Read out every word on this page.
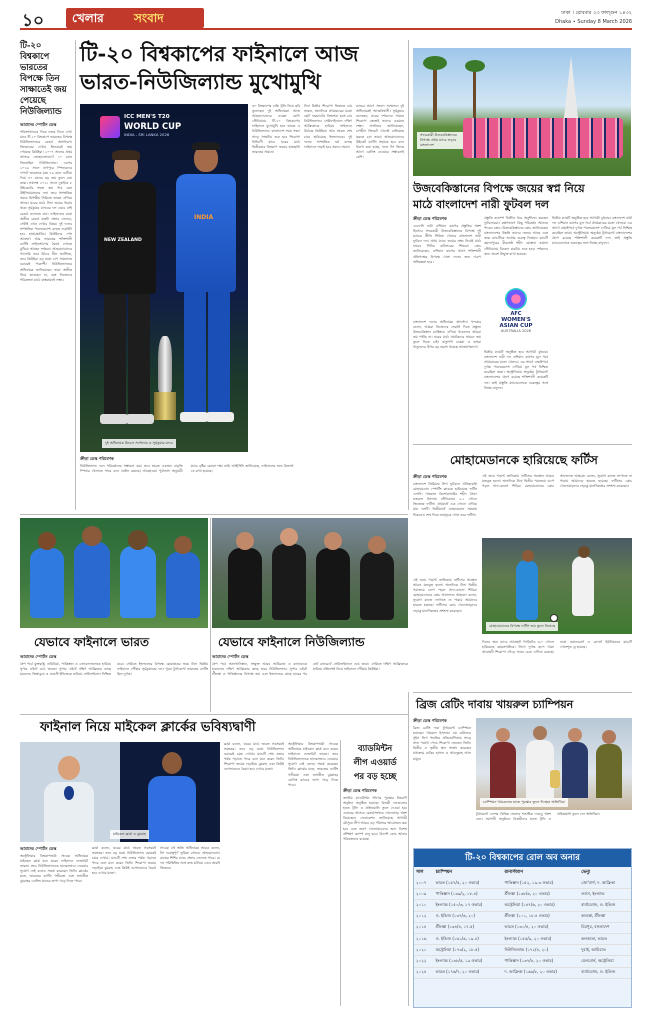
১০ খেলার	সংবাদ	ঢাকা । রোববার ২৩ ফাল্গুন ১৪৩২
Dhaka ∙ Sunday 8 March 2026
টি-২০ বিশ্বকাপে ভারতের বিপক্ষে তিন সাক্ষাতেই জয় পেয়েছে নিউজিল্যান্ড
আমাদের স্পোর্টস ডেস্ক
পরিসংখ্যানের দিকে নজর দিলে দেখা যাবে টি-২০ বিশ্বকাপে ভারতের বিপক্ষে নিউজিল্যান্ডের রেকর্ড অসাধারণ। তিনবারের দেখায় তিনবারই জয় পেয়েছে কিউইরা। ২০০৭ সালের প্রথম আসরে জোহানেসবার্গে ১০ রানে জিতেছিল নিউজিল্যান্ড। এরপর ২০১৬ সালে নাগপুরে স্পিনারদের দাপটে ভারতকে মাত্র ৭৯ রানে গুটিয়ে দিয়ে ৪৭ রানের বড় জয় তুলে নেয় তারা। সর্বশেষ ২০২১ সালে দুবাইয়ে ৮ উইকেটের সহজ জয় পায় কেন উইলিয়ামসনের দল। তবে সাম্প্রতিক সময়ে দ্বিপক্ষীয় সিরিজে ভারত এগিয়ে আছে। ঘরের মাঠে টানা জয়ের ধারায় থাকা সূর্যকুমার যাদবের দল এবার সেই রেকর্ড বদলাতে চায়। ফাইনালের মঞ্চে অতীত রেকর্ড কতটা প্রভাব ফেলবে, সেটাই এখন দেখার বিষয়। দুই দলের সাম্প্রতিক পারফরম্যান্স বলছে লড়াইটা হবে হাড্ডাহাড্ডি। কিউইদের পেস আক্রমণ আর ভারতের শক্তিশালী ব্যাটিং লাইনআপের দ্বৈরথ দেখতে মুখিয়ে আছেন দর্শকরা। আহমেদাবাদের গ্যালারি ভরে উঠবে নীল জার্সিতে, তবে কিউইরা বড় মঞ্চে চাপ সামলাতে বরাবরই পারদর্শী। নিউজিল্যান্ডের অধিনায়ক জানিয়েছেন তারা অতীত নিয়ে ভাবছেন না, বরং নিজেদের পরিকল্পনা মাঠে বাস্তবায়নই লক্ষ্য।
টি-২০ বিশ্বকাপের ফাইনালে আজ
ভারত-নিউজিল্যান্ড মুখোমুখি
ICC MEN'S T20
WORLD CUP
INDIA - SRI LANKA 2026
NEW ZEALAND
INDIA
দুই অধিনায়ক মিচেল স্যান্টনার ও সূর্যকুমার যাদব
৩০ বিশ্বকাপের বাকি ট্রফি নিয়ে ছবি তুলেছেন দুই অধিনায়ক। আজ আহমেদাবাদের নরেন্দ্র মোদি স্টেডিয়ামে টি-২০ বিশ্বকাপের ফাইনালে মুখোমুখি হবে ভারত ও নিউজিল্যান্ড। বাংলাদেশ সময় সন্ধ্যা সাড়ে সাতটায় শুরু হবে শিরোপা নির্ধারণী ম্যাচ। ঘরের মাঠে দ্বিতীয়বার বিশ্বকাপ জয়ের হাতছানি ভারতের সামনে।
টানা দ্বিতীয় শিরোপা জিততে চায় ভারত, অন্যদিকে প্রথমবারের মতো ছোট ফরম্যাটের বিশ্বসেরা হতে চায় নিউজিল্যান্ড। সেমিফাইনালে দক্ষিণ আফ্রিকাকে হারিয়ে ফাইনালে উঠেছে কিউইরা। আর ভারত শেষ চারে হারিয়েছে ইংল্যান্ডকে। দুই দলের সাম্প্রতিক ফর্ম বলছে ফাইনালে লড়াই হবে সমানে সমান।
ম্যাচের আগে সংবাদ সম্মেলনে দুই অধিনায়কই আত্মবিশ্বাসী। সূর্যকুমার বলেছেন, ঘরের দর্শকদের সামনে শিরোপা জেতাই তাদের একমাত্র লক্ষ্য। স্যান্টনার জানিয়েছেন, চাপহীন ক্রিকেট খেলেই বাজিমাত করতে চান তারা। আহমেদাবাদের উইকেট ব্যাটিং সহায়ক হবে বলে ধারণা করা হচ্ছে, ফলে টস জিতে আগে বোলিং নেওয়ার সম্ভাবনাই বেশি।
ক্রীড়া ডেস্ক পরিবেশক
নিউজিল্যান্ড দলে পরিবর্তনের সম্ভাবনা কম। তবে ভারত একজন বাড়তি স্পিনার খেলাতে পারে বলে গুঞ্জন রয়েছে। আবহাওয়া পূর্বাভাস অনুযায়ী ম্যাচে বৃষ্টির কোনো শঙ্কা নেই। আইসিসি জানিয়েছে, ফাইনালের জন্য রিজার্ভ ডে রাখা হয়েছে।
সফরকারী উজবেকিস্তানের বিপক্ষে প্রথম ম্যাচে লড়বে বাংলাদেশ
উজবেকিস্তানের বিপক্ষে জয়ের স্বপ্ন নিয়ে
মাঠে বাংলাদেশ নারী ফুটবল দল
ক্রীড়া ডেস্ক পরিবেশক
এএফসি নারী এশিয়ান কাপের প্রস্তুতির অংশ হিসেবে সফরকারী উজবেকিস্তানের বিপক্ষে দুই ম্যাচের প্রীতি সিরিজ খেলবে বাংলাদেশ নারী ফুটবল দল। প্রথম ম্যাচে জয়ের লক্ষ্য নিয়েই মাঠে নামবে পিটার বাটলারের শিষ্যরা। কোচ জানিয়েছেন, এশিয়ান কাপের আগে শক্তিশালী প্রতিপক্ষের বিপক্ষে খেলা দলের জন্য দারুণ অভিজ্ঞতা হবে।
বাংলাদেশ দলের অধিনায়ক আফঈদা খন্দকার বলেন, আমরা নিজেদের সেরাটা দিতে প্রস্তুত। উজবেকিস্তান র‌্যাঙ্কিংয়ে এগিয়ে থাকলেও আমরা ভয় পাচ্ছি না। ঘরের মাঠে সমর্থকদের সামনে জয় তুলে নিতে চাই। ঋতুপর্ণা চাকমা ও তহুরা খাতুনদের উপর বড় ভরসা থাকছে আক্রমণভাগে।
AFC
WOMEN'S
ASIAN CUP
AUSTRALIA 2026
প্রস্তুতি ক্যাম্পে দীর্ঘদিন ধরে অনুশীলন করছেন ফুটবলাররা। রক্ষণভাগে কিছু পরিবর্তন আনতে পারেন কোচ। উজবেকিস্তানের কোচ জানিয়েছেন বাংলাদেশের উন্নতি তাদের নজরে আছে এবং তারা ম্যাচটিকে সর্বোচ্চ গুরুত্ব দিচ্ছেন। ম্যাচটি কমলাপুরের বীরশ্রেষ্ঠ শহীদ মোস্তফা কামাল স্টেডিয়ামে বিকেল চারটায় শুরু হবে। দর্শকদের জন্য প্রবেশ উন্মুক্ত রাখা হয়েছে।
দ্বিতীয় ম্যাচটি অনুষ্ঠিত হবে আগামী বুধবার। বাংলাদেশ নারী দল এশিয়ান কাপের মূল পর্বে প্রথমবারের মতো খেলবে। এর আগে বাছাইপর্বে দুর্দান্ত পারফরম্যান্স দেখিয়ে মূল পর্ব নিশ্চিত করেছিল তারা। অস্ট্রেলিয়ায় অনুষ্ঠেয় টুর্নামেন্টে বাংলাদেশের গ্রুপে রয়েছে শক্তিশালী কয়েকটি দল। তাই প্রস্তুতি ম্যাচগুলোকে গুরুত্বের সঙ্গে নিচ্ছে বাফুফে।
দ্বিতীয় ম্যাচটি অনুষ্ঠিত হবে আগামী বুধবার। বাংলাদেশ নারী দল এশিয়ান কাপের মূল পর্বে প্রথমবারের মতো খেলবে। এর আগে বাছাইপর্বে দুর্দান্ত পারফরম্যান্স দেখিয়ে মূল পর্ব নিশ্চিত করেছিল তারা। অস্ট্রেলিয়ায় অনুষ্ঠেয় টুর্নামেন্টে বাংলাদেশের গ্রুপে রয়েছে শক্তিশালী কয়েকটি দল। তাই প্রস্তুতি ম্যাচগুলোকে গুরুত্বের সঙ্গে নিচ্ছে বাফুফে।
মোহামেডানকে হারিয়েছে ফর্টিস
ক্রীড়া ডেস্ক পরিবেশক
বাংলাদেশ প্রিমিয়ার লিগ ফুটবলে ঐতিহ্যবাহী মোহামেডান স্পোর্টিং ক্লাবকে হারিয়েছে ফর্টিস এফসি। গতকাল কিশোরগঞ্জের শহীদ সৈয়দ নজরুল ইসলাম স্টেডিয়ামে ২-১ গোলে জিতেছে ফর্টিস। প্রথমার্ধে এক গোলে এগিয়ে যায় দলটি। দ্বিতীয়ার্ধে মোহামেডান সমতায় ফিরলেও শেষ দিকে জয়সূচক গোল করে ফর্টিস।
এই জয়ে পয়েন্ট তালিকায় ফর্টিসের অবস্থান আরও মজবুত হলো। অন্যদিকে টানা দ্বিতীয় পরাজয়ে চাপে পড়ল সাদা-কালো শিবির। মোহামেডানের কোচ আলফাজ আহমেদ বলেন, সুযোগ কাজে লাগাতে না পারায় আমাদের হারতে হয়েছে। ফর্টিসের কোচ খেলোয়াড়দের লড়াকু মানসিকতার প্রশংসা করেছেন।
এই জয়ে পয়েন্ট তালিকায় ফর্টিসের অবস্থান আরও মজবুত হলো। অন্যদিকে টানা দ্বিতীয় পরাজয়ে চাপে পড়ল সাদা-কালো শিবির। মোহামেডানের কোচ আলফাজ আহমেদ বলেন, সুযোগ কাজে লাগাতে না পারায় আমাদের হারতে হয়েছে। ফর্টিসের কোচ খেলোয়াড়দের লড়াকু মানসিকতার প্রশংসা করেছেন।
মোহামেডানের বিপক্ষে ফর্টিস জয় তুলে নিয়েছে
দিনের অন্য ম্যাচে আবাহনী লিমিটেড ৩-০ গোলে হারিয়েছে রহমতগঞ্জকে। লিগে দুর্দান্ত ছন্দে থাকা আবাহনী শিরোপা দৌড়ে সবার চেয়ে এগিয়ে রয়েছে। ঢাকা ওয়ান্ডারার্স ও ব্রাদার্স ইউনিয়নের ম্যাচটি গোলশূন্য ড্র হয়েছে।
যেভাবে ফাইনালে ভারত	যেভাবে ফাইনালে নিউজিল্যান্ড
আমাদের স্পোর্টস ডেস্ক
গ্রুপ পর্বে যুক্তরাষ্ট্র, নামিবিয়া, পাকিস্তান ও নেদারল্যান্ডসকে হারিয়ে সুপার এইটে ওঠে ভারত। সুপার এইটে দক্ষিণ আফ্রিকার কাছে হারলেও জিম্বাবুয়ে ও ওয়েস্ট ইন্ডিজকে হারিয়ে সেমিফাইনাল নিশ্চিত করে। সেমিতে ইংল্যান্ডের বিপক্ষে রোমাঞ্চকর জয়ে টানা দ্বিতীয় ফাইনালে পৌঁছায় সূর্যকুমারের দল। পুরো টুর্নামেন্টে ভারতের ব্যাটিং ছিল দুর্দান্ত।
আমাদের স্পোর্টস ডেস্ক
গ্রুপ পর্বে আফগানিস্তান, সংযুক্ত আরব আমিরাত ও কানাডাকে হারালেও দক্ষিণ আফ্রিকার কাছে হারে নিউজিল্যান্ড। সুপার এইটে শ্রীলঙ্কা ও পাকিস্তানের বিপক্ষে জয় এবং ইংল্যান্ডের কাছে হারের পর নেট রানরেটে সেমিফাইনালে ওঠে তারা। সেমিতে দক্ষিণ আফ্রিকাকে হারিয়ে প্রতিশোধ নিয়ে ফাইনালে পৌঁছায় কিউইরা।
ফাইনাল নিয়ে মাইকেল ক্লার্কের ভবিষ্যদ্বাণী
মাইকেল ক্লার্ক ও বুমরাহ
আমাদের স্পোর্টস ডেস্ক
অস্ট্রেলিয়ার বিশ্বকাপজয়ী সাবেক অধিনায়ক মাইকেল ক্লার্ক মনে করেন ফাইনালে ফেভারিট ভারত। তবে নিউজিল্যান্ডকে হালকাভাবে নেওয়ার সুযোগ নেই বলেও সতর্ক করেছেন তিনি। ক্লার্কের মতে, ভারতের ব্যাটিং গভীরতা এবং জসপ্রীত বুমরাহর বোলিং ম্যাচের ভাগ্য গড়ে দিতে পারে।
ক্লার্ক বলেন, ঘরের মাঠে ভারত সবসময়ই ভয়ংকর। তবে বড় মঞ্চে নিউজিল্যান্ড বরাবরই চমক দেখায়। ম্যাচটি শেষ ওভার পর্যন্ত গড়াতে পারে বলে মনে করেন তিনি। শিরোপা জয়ের লড়াইয়ে বুমরাহ এবং কিউই ওপেনারদের দ্বৈরথ হবে দেখার মতো।
সাবেক এই অজি অধিনায়ক আরও বলেন, টস গুরুত্বপূর্ণ ভূমিকা রাখবে। আহমেদাবাদে রাতের শিশির ম্যাচে প্রভাব ফেলতে পারে। যে দল পরিস্থিতির সঙ্গে দ্রুত মানিয়ে নেবে তারাই জিতবে।
ক্লার্ক বলেন, ঘরের মাঠে ভারত সবসময়ই ভয়ংকর। তবে বড় মঞ্চে নিউজিল্যান্ড বরাবরই চমক দেখায়। ম্যাচটি শেষ ওভার পর্যন্ত গড়াতে পারে বলে মনে করেন তিনি। শিরোপা জয়ের লড়াইয়ে বুমরাহ এবং কিউই ওপেনারদের দ্বৈরথ হবে দেখার মতো।
অস্ট্রেলিয়ার বিশ্বকাপজয়ী সাবেক অধিনায়ক মাইকেল ক্লার্ক মনে করেন ফাইনালে ফেভারিট ভারত। তবে নিউজিল্যান্ডকে হালকাভাবে নেওয়ার সুযোগ নেই বলেও সতর্ক করেছেন তিনি। ক্লার্কের মতে, ভারতের ব্যাটিং গভীরতা এবং জসপ্রীত বুমরাহর বোলিং ম্যাচের ভাগ্য গড়ে দিতে পারে।
ব্যাডমিন্টন
লীগ এওয়ার্ড
পর বড় হচ্ছে
ক্রীড়া ডেস্ক পরিবেশক
জাতীয় ব্যাডমিন্টন লীগের পুরস্কার বিতরণী অনুষ্ঠান অনুষ্ঠিত হয়েছে। বিজয়ী দলগুলোর হাতে ট্রফি ও প্রাইজমানি তুলে দেওয়া হয়। এবারের আসরে রেকর্ডসংখ্যক খেলোয়াড় অংশ নিয়েছেন। ফেডারেশন জানিয়েছে আগামী মৌসুমে লীগ আরও বড় পরিসরে আয়োজন করা হবে এবং তরুণ খেলোয়াড়দের জন্য বিশেষ প্রশিক্ষণ ক্যাম্প চালু হবে। বিদেশি কোচ আনার পরিকল্পনাও রয়েছে।
ব্রিজ রেটিং দাবায় খায়রুল চ্যাম্পিয়ন
ক্রীড়া ডেস্ক পরিবেশক
ব্রিজ রেটিং দাবা টুর্নামেন্টে চ্যাম্পিয়ন হয়েছেন খায়রুল ইসলাম। নয় রাউন্ডের সুইস লিগ পদ্ধতির প্রতিযোগিতায় সাড়ে সাত পয়েন্ট পেয়ে শিরোপা জেতেন তিনি। দ্বিতীয় ও তৃতীয় স্থান অর্জন করেছেন যথাক্রমে রাকিব হাসান ও আবদুল্লাহ আল মামুন।
চ্যাম্পিয়ন খায়রুলের হাতে পুরস্কার তুলে দিচ্ছেন অতিথিরা
টুর্নামেন্টে দেশের বিভিন্ন জেলার শতাধিক দাবাড়ু অংশ নেন। সমাপনী অনুষ্ঠানে বিজয়ীদের হাতে ট্রফি ও প্রাইজমানি তুলে দেন অতিথিরা।
টি-২০ বিশ্বকাপের রোল অব অনার
সাল	চ্যাম্পিয়ন	রানার্সআপ	ভেন্যু
২০০৭	ভারত (১৫৭/৫, ২০ ওভার)	পাকিস্তান (১৫২, ১৯.৩ ওভার)	জো'বার্গ, দ. আফ্রিকা
২০০৯	পাকিস্তান (১৩৯/২, ১৮.৪)	শ্রীলঙ্কা (১৩৮/৬, ২০ ওভার)	লর্ডস, ইংল্যান্ড
২০১০	ইংল্যান্ড (১৫০/৩, ১৭ ওভার)	অস্ট্রেলিয়া (১৪৭/৬, ২০ ওভার)	বার্বাডোজ, ও. ইন্ডিজ
২০১২	ও. ইন্ডিজ (১৩৭/৬, ২০)	শ্রীলঙ্কা (১০১, ১৮.৪ ওভার)	কলম্বো, শ্রীলঙ্কা
২০১৪	শ্রীলঙ্কা (১৩৪/৪, ১৭.৫)	ভারত (১৩০/৪, ২০ ওভার)	মিরপুর, বাংলাদেশ
২০১৬	ও. ইন্ডিজ (১৬১/৬, ১৯.৪)	ইংল্যান্ড (১৫৫/৯, ২০ ওভার)	কলকাতা, ভারত
২০২১	অস্ট্রেলিয়া (১৭৩/২, ১৮.৫)	নিউজিল্যান্ড (১৭২/৪, ২০)	দুবাই, আমিরাত
২০২২	ইংল্যান্ড (১৩৮/৫, ১৯ ওভার)	পাকিস্তান (১৩৭/৮, ২০ ওভার)	মেলবোর্ন, অস্ট্রেলিয়া
২০২৪	ভারত (১৭৬/৭, ২০ ওভার)	দ. আফ্রিকা (১৬৯/৮, ২০ ওভার)	বার্বাডোজ, ও. ইন্ডিজ
